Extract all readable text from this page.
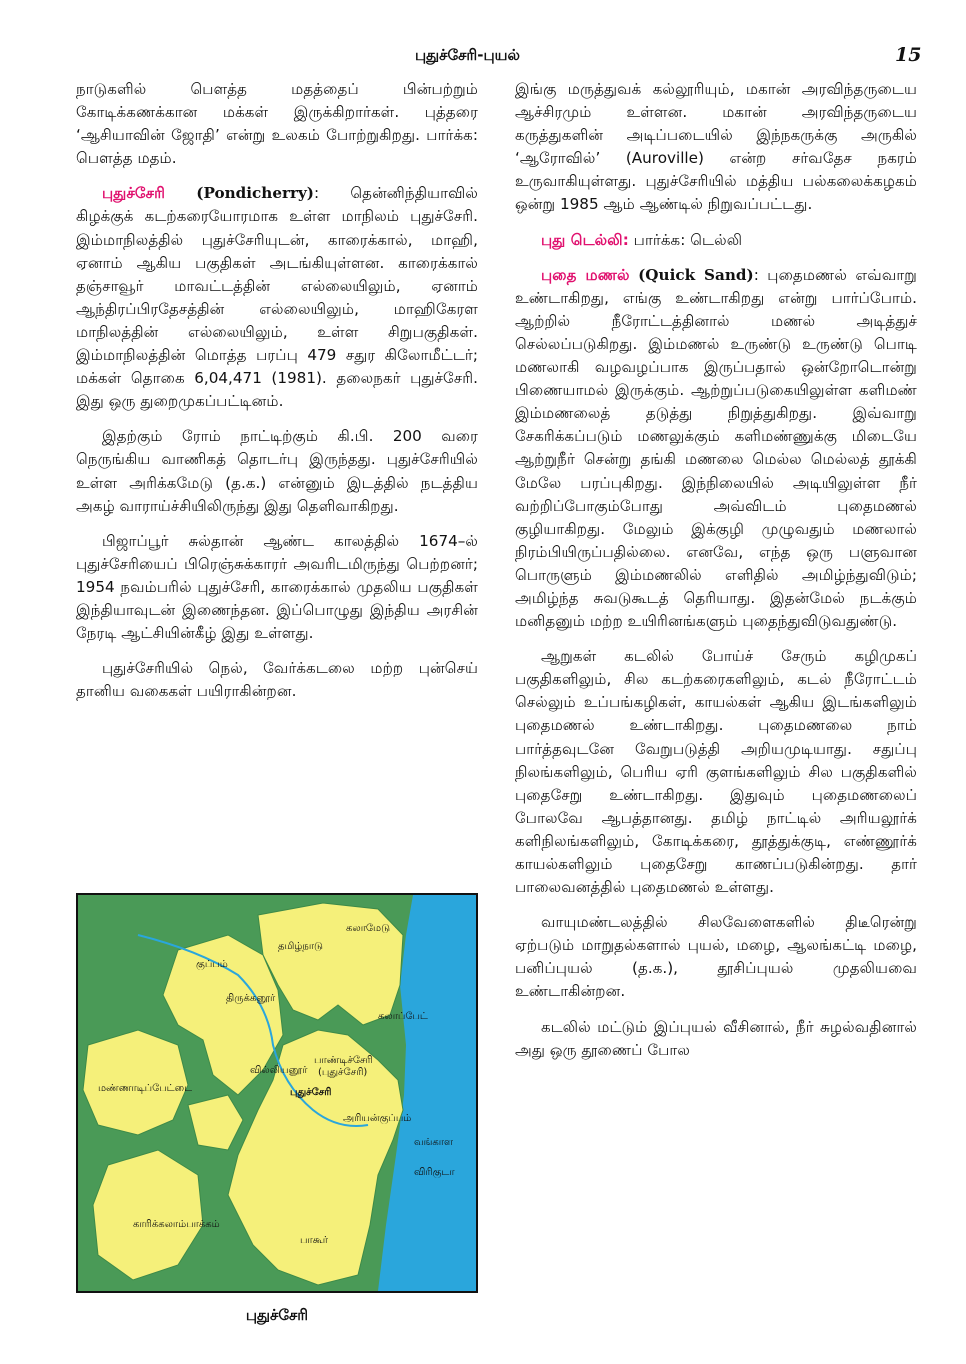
புதுச்சேரி-புயல்	15

நாடுகளில் பௌத்த மதத்தைப் பின்பற்றும் கோடிக்கணக்கான மக்கள் இருக்கிறார்கள். புத்தரை ‘ஆசியாவின் ஜோதி’ என்று உலகம் போற்றுகிறது. பார்க்க: பௌத்த மதம்.

புதுச்சேரி (Pondicherry): தென்னிந்தியாவில் கிழக்குக் கடற்கரையோரமாக உள்ள மாநிலம் புதுச்சேரி. இம்மாநிலத்தில் புதுச்சேரியுடன், காரைக்கால், மாஹி, ஏனாம் ஆகிய பகுதிகள் அடங்கியுள்ளன. காரைக்கால் தஞ்சாவூர் மாவட்டத்தின் எல்லையிலும், ஏனாம் ஆந்திரப்பிரதேசத்தின் எல்லையிலும், மாஹிகேரள மாநிலத்தின் எல்லையிலும், உள்ள சிறுபகுதிகள். இம்மாநிலத்தின் மொத்த பரப்பு 479 சதுர கிலோமீட்டர்; மக்கள் தொகை 6,04,471 (1981). தலைநகர் புதுச்சேரி. இது ஒரு துறைமுகப்பட்டினம்.

இதற்கும் ரோம் நாட்டிற்கும் கி.பி. 200 வரை நெருங்கிய வாணிகத் தொடர்பு இருந்தது. புதுச்சேரியில் உள்ள அரிக்கமேடு (த.க.) என்னும் இடத்தில் நடத்திய அகழ் வாராய்ச்சியிலிருந்து இது தெளிவாகிறது.

பிஜாப்பூர் சுல்தான் ஆண்ட காலத்தில் 1674–ல் புதுச்சேரியைப் பிரெஞ்சுக்காரர் அவரிடமிருந்து பெற்றனர்; 1954 நவம்பரில் புதுச்சேரி, காரைக்கால் முதலிய பகுதிகள் இந்தியாவுடன் இணைந்தன. இப்பொழுது இந்திய அரசின் நேரடி ஆட்சியின்கீழ் இது உள்ளது.

புதுச்சேரியில் நெல், வேர்க்கடலை மற்ற புன்செய் தானிய வகைகள் பயிராகின்றன.

தமிழ்நாடு
கலாமேடு
குப்பம்
திருக்கனூர்
வில்லியனூர்
பாண்டிச்சேரி
(புதுச்சேரி)
புதுச்சேரி
அரியன்குப்பம்
மண்ணாடிப்பேட்டை
காரிக்கலாம்பாக்கம்
பாகூர்
வங்காள
விரிகுடா
கலாப்பேட்
புதுச்சேரி

இங்கு மருத்துவக் கல்லூரியும், மகான் அரவிந்தருடைய ஆச்சிரமும் உள்ளன. மகான் அரவிந்தருடைய கருத்துகளின் அடிப்படையில் இந்நகருக்கு அருகில் ‘ஆரோவில்’ (Auroville) என்ற சர்வதேச நகரம் உருவாகியுள்ளது. புதுச்சேரியில் மத்திய பல்கலைக்கழகம் ஒன்று 1985 ஆம் ஆண்டில் நிறுவப்பட்டது.

புது டெல்லி: பார்க்க: டெல்லி

புதை மணல் (Quick Sand): புதைமணல் எவ்வாறு உண்டாகிறது, எங்கு உண்டாகிறது என்று பார்ப்போம். ஆற்றில் நீரோட்டத்தினால் மணல் அடித்துச் செல்லப்படுகிறது. இம்மணல் உருண்டு உருண்டு பொடி மணலாகி வழவழப்பாக இருப்பதால் ஒன்றோடொன்று பிணையாமல் இருக்கும். ஆற்றுப்படுகையிலுள்ள களிமண் இம்மணலைத் தடுத்து நிறுத்துகிறது. இவ்வாறு சேகரிக்கப்படும் மணலுக்கும் களிமண்ணுக்கு மிடையே ஆற்றுநீர் சென்று தங்கி மணலை மெல்ல மெல்லத் தூக்கி மேலே பரப்புகிறது. இந்நிலையில் அடியிலுள்ள நீர் வற்றிப்போகும்போது அவ்விடம் புதைமணல் குழியாகிறது. மேலும் இக்குழி முழுவதும் மணலால் நிரம்பியிருப்பதில்லை. எனவே, எந்த ஒரு பளுவான பொருளும் இம்மணலில் எளிதில் அமிழ்ந்துவிடும்; அமிழ்ந்த சுவடுகூடத் தெரியாது. இதன்மேல் நடக்கும் மனிதனும் மற்ற உயிரினங்களும் புதைந்துவிடுவதுண்டு.

ஆறுகள் கடலில் போய்ச் சேரும் கழிமுகப் பகுதிகளிலும், சில கடற்கரைகளிலும், கடல் நீரோட்டம் செல்லும் உப்பங்கழிகள், காயல்கள் ஆகிய இடங்களிலும் புதைமணல் உண்டாகிறது. புதைமணலை நாம் பார்த்தவுடனே வேறுபடுத்தி அறியமுடியாது. சதுப்பு நிலங்களிலும், பெரிய ஏரி குளங்களிலும் சில பகுதிகளில் புதைசேறு உண்டாகிறது. இதுவும் புதைமணலைப் போலவே ஆபத்தானது. தமிழ் நாட்டில் அரியலூர்க் களிநிலங்களிலும், கோடிக்கரை, தூத்துக்குடி, எண்ணூர்க் காயல்களிலும் புதைசேறு காணப்படுகின்றது. தார் பாலைவனத்தில் புதைமணல் உள்ளது.

வாயுமண்டலத்தில் சிலவேளைகளில் திடீரென்று ஏற்படும் மாறுதல்களால் புயல், மழை, ஆலங்கட்டி மழை, பனிப்புயல் (த.க.), தூசிப்புயல் முதலியவை உண்டாகின்றன.

கடலில் மட்டும் இப்புயல் வீசினால், நீர் சுழல்வதினால் அது ஒரு தூணைப் போல
